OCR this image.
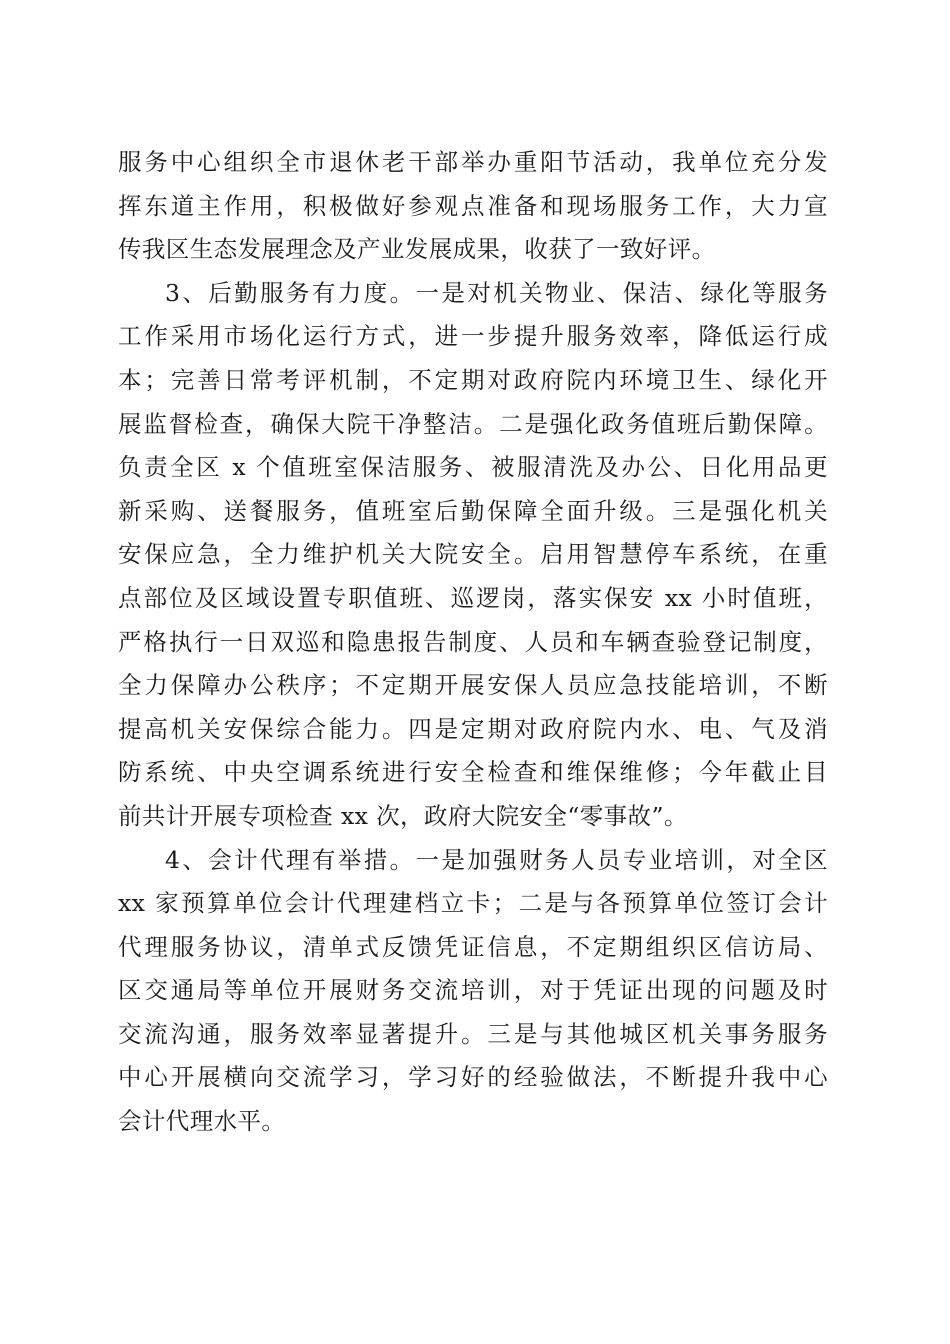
服务中心组织全市退休老干部举办重阳节活动，我单位充分发
挥东道主作用，积极做好参观点准备和现场服务工作，大力宣
传我区生态发展理念及产业发展成果，收获了一致好评。
3、后勤服务有力度。一是对机关物业、保洁、绿化等服务
工作采用市场化运行方式，进一步提升服务效率，降低运行成
本；完善日常考评机制，不定期对政府院内环境卫生、绿化开
展监督检查，确保大院干净整洁。二是强化政务值班后勤保障。
负责全区 x 个值班室保洁服务、被服清洗及办公、日化用品更
新采购、送餐服务，值班室后勤保障全面升级。三是强化机关
安保应急，全力维护机关大院安全。启用智慧停车系统，在重
点部位及区域设置专职值班、巡逻岗，落实保安 xx 小时值班，
严格执行一日双巡和隐患报告制度、人员和车辆查验登记制度，
全力保障办公秩序；不定期开展安保人员应急技能培训，不断
提高机关安保综合能力。四是定期对政府院内水、电、气及消
防系统、中央空调系统进行安全检查和维保维修；今年截止目
前共计开展专项检查 xx 次，政府大院安全“零事故”。
4、会计代理有举措。一是加强财务人员专业培训，对全区
xx 家预算单位会计代理建档立卡；二是与各预算单位签订会计
代理服务协议，清单式反馈凭证信息，不定期组织区信访局、
区交通局等单位开展财务交流培训，对于凭证出现的问题及时
交流沟通，服务效率显著提升。三是与其他城区机关事务服务
中心开展横向交流学习，学习好的经验做法，不断提升我中心
会计代理水平。
